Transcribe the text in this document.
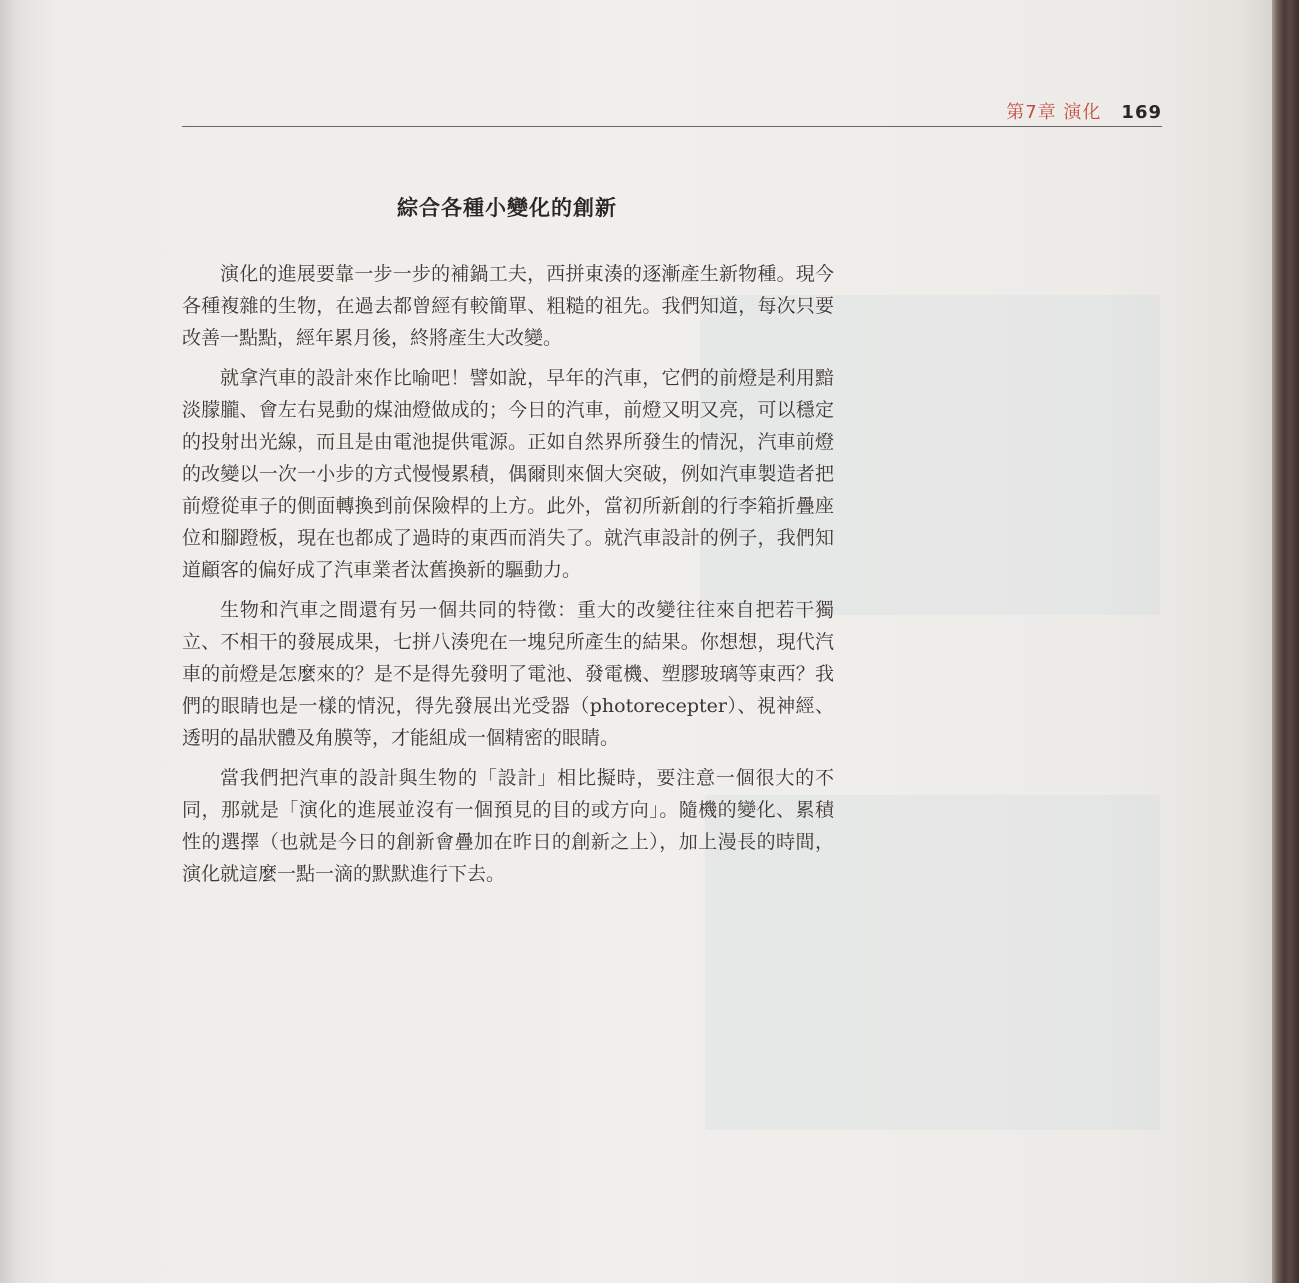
第7章 演化 169
綜合各種小變化的創新

演化的進展要靠一步一步的補鍋工夫，西拼東湊的逐漸產生新物種。現今各種複雜的生物，在過去都曾經有較簡單、粗糙的祖先。我們知道，每次只要改善一點點，經年累月後，終將產生大改變。

就拿汽車的設計來作比喻吧！譬如說，早年的汽車，它們的前燈是利用黯淡朦朧、會左右晃動的煤油燈做成的；今日的汽車，前燈又明又亮，可以穩定的投射出光線，而且是由電池提供電源。正如自然界所發生的情況，汽車前燈的改變以一次一小步的方式慢慢累積，偶爾則來個大突破，例如汽車製造者把前燈從車子的側面轉換到前保險桿的上方。此外，當初所新創的行李箱折疊座位和腳蹬板，現在也都成了過時的東西而消失了。就汽車設計的例子，我們知道顧客的偏好成了汽車業者汰舊換新的驅動力。

生物和汽車之間還有另一個共同的特徵：重大的改變往往來自把若干獨立、不相干的發展成果，七拼八湊兜在一塊兒所產生的結果。你想想，現代汽車的前燈是怎麼來的？是不是得先發明了電池、發電機、塑膠玻璃等東西？我們的眼睛也是一樣的情況，得先發展出光受器（photorecepter）、視神經、透明的晶狀體及角膜等，才能組成一個精密的眼睛。

當我們把汽車的設計與生物的「設計」相比擬時，要注意一個很大的不同，那就是「演化的進展並沒有一個預見的目的或方向」。隨機的變化、累積性的選擇（也就是今日的創新會疊加在昨日的創新之上），加上漫長的時間，演化就這麼一點一滴的默默進行下去。
